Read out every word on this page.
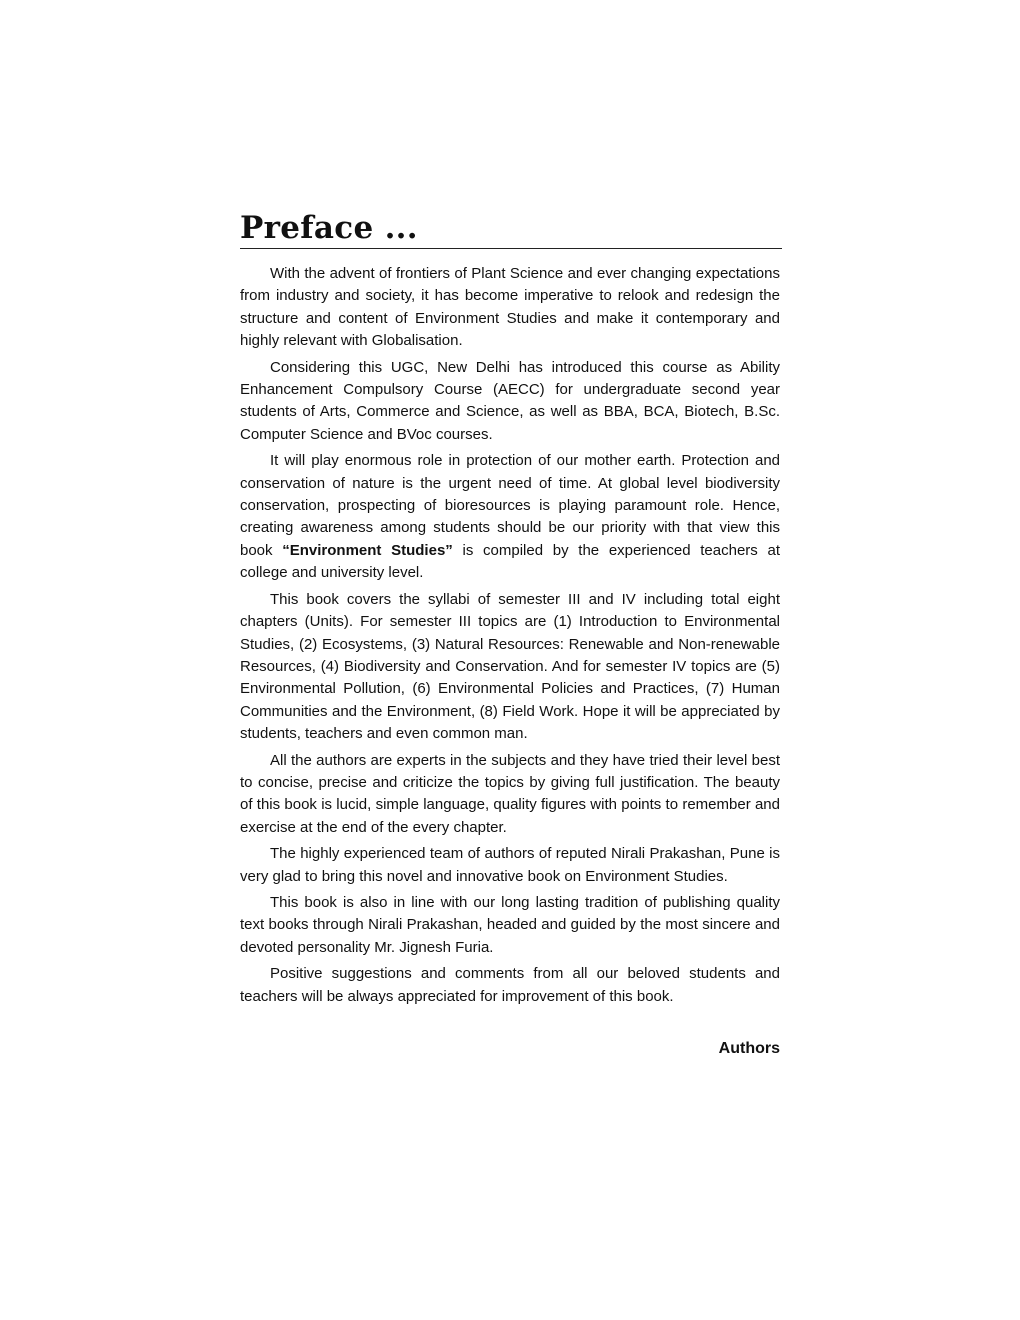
Preface ...

With the advent of frontiers of Plant Science and ever changing expectations from industry and society, it has become imperative to relook and redesign the structure and content of Environment Studies and make it contemporary and highly relevant with Globalisation.

Considering this UGC, New Delhi has introduced this course as Ability Enhancement Compulsory Course (AECC) for undergraduate second year students of Arts, Commerce and Science, as well as BBA, BCA, Biotech, B.Sc. Computer Science and BVoc courses.

It will play enormous role in protection of our mother earth. Protection and conservation of nature is the urgent need of time. At global level biodiversity conservation, prospecting of bioresources is playing paramount role. Hence, creating awareness among students should be our priority with that view this book “Environment Studies” is compiled by the experienced teachers at college and university level.

This book covers the syllabi of semester III and IV including total eight chapters (Units). For semester III topics are (1) Introduction to Environmental Studies, (2) Ecosystems, (3) Natural Resources: Renewable and Non-renewable Resources, (4) Biodiversity and Conservation. And for semester IV topics are (5) Environmental Pollution, (6) Environmental Policies and Practices, (7) Human Communities and the Environment, (8) Field Work. Hope it will be appreciated by students, teachers and even common man.

All the authors are experts in the subjects and they have tried their level best to concise, precise and criticize the topics by giving full justification. The beauty of this book is lucid, simple language, quality figures with points to remember and exercise at the end of the every chapter.

The highly experienced team of authors of reputed Nirali Prakashan, Pune is very glad to bring this novel and innovative book on Environment Studies.

This book is also in line with our long lasting tradition of publishing quality text books through Nirali Prakashan, headed and guided by the most sincere and devoted personality Mr. Jignesh Furia.

Positive suggestions and comments from all our beloved students and teachers will be always appreciated for improvement of this book.

Authors
